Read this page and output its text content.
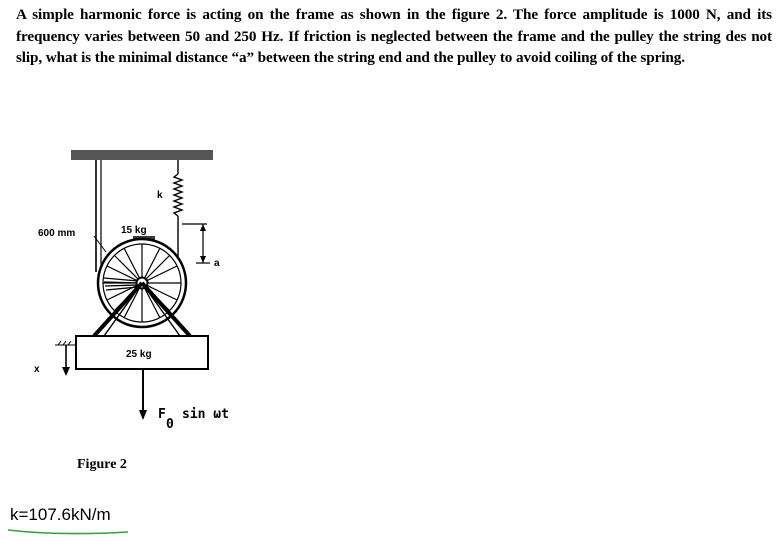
A simple harmonic force is acting on the frame as shown in the figure 2. The force amplitude is 1000 N, and its frequency varies between 50 and 250 Hz. If friction is neglected between the frame and the pulley the string des not slip, what is the minimal distance “a” between the string end and the pulley to avoid coiling of the spring.
600 mm	15 kg
k
a
25 kg
x
F
0
sin ωt
Figure 2
k=107.6kN/m
